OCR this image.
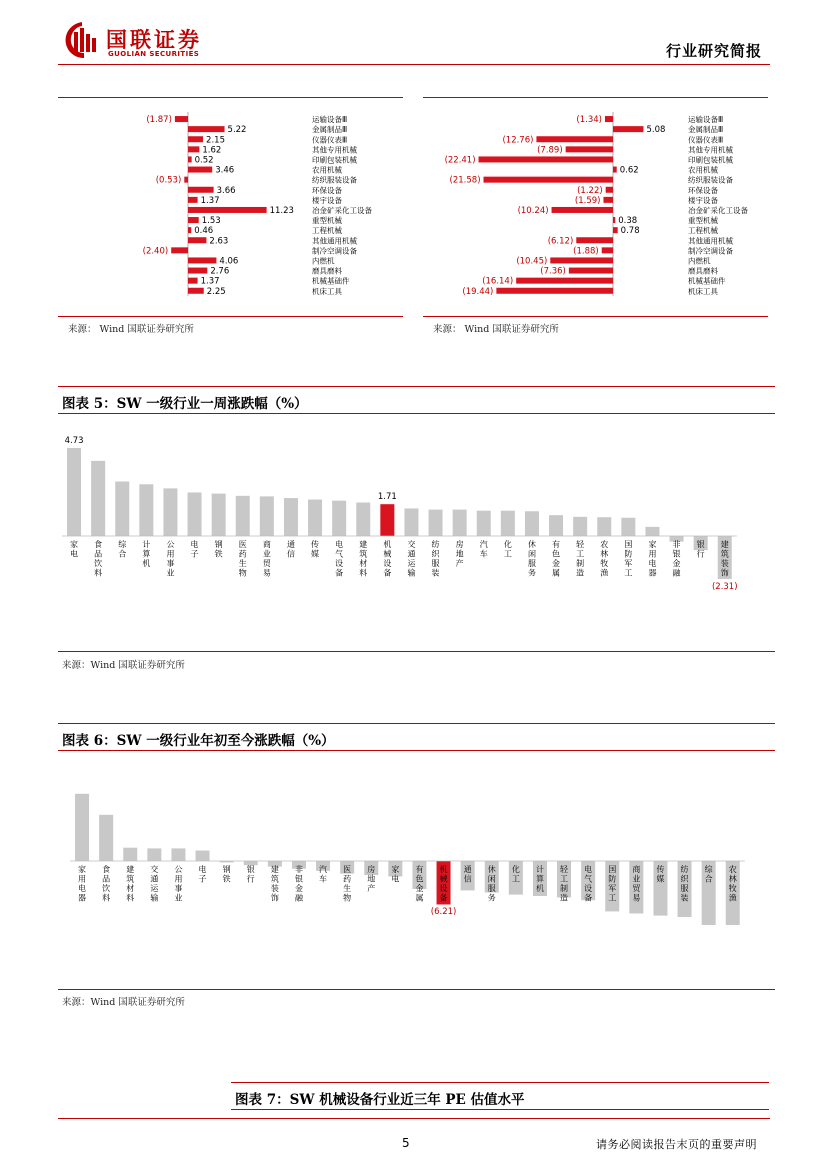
国联证券
GUOLIAN SECURITIES	行业研究简报
(1.87)	运输设备Ⅲ
5.22	金属制品Ⅲ
2.15	仪器仪表Ⅲ
1.62	其他专用机械
0.52	印刷包装机械
3.46	农用机械
(0.53)	纺织服装设备
3.66	环保设备
1.37	楼宇设备
11.23 冶金矿采化工设备
1.53	重型机械
0.46	工程机械
2.63	其他通用机械
(2.40)	制冷空调设备
4.06	内燃机
2.76	磨具磨料
1.37	机械基础件
2.25	机床工具
(1.34)	运输设备Ⅲ
5.08	金属制品Ⅲ
(12.76)	仪器仪表Ⅲ
(7.89)	其他专用机械
(22.41)	印刷包装机械
0.62	农用机械
(21.58)	纺织服装设备
(1.22)	环保设备
(1.59)	楼宇设备
(10.24)	冶金矿采化工设备
0.38	重型机械
0.78	工程机械
(6.12)	其他通用机械
(1.88)	制冷空调设备
(10.45)	内燃机
(7.36)	磨具磨料
(16.14)	机械基础件
(19.44)	机床工具
来源： Wind 国联证券研究所	来源： Wind 国联证券研究所
图表 5：SW 一级行业一周涨跌幅（%）
家电
4.73
食品饮料
综合
计算机
公用事业
电子
钢铁
医药生物
商业贸易
通信
传媒
电气设备
建筑材料
机械设备
1.71
交通运输
纺织服装
房地产
汽车
化工
休闲服务
有色金属
轻工制造
农林牧渔
国防军工
家用电器
非银金融
银行
建筑装饰
(2.31)
来源：Wind 国联证券研究所
图表 6：SW 一级行业年初至今涨跌幅（%）
家用电器
食品饮料
建筑材料
交通运输
公用事业
电子
钢铁
银行
建筑装饰
非银金融
汽车
医药生物
房地产
家电
有色金属
机械设备
(6.21)
通信
休闲服务
化工
计算机
轻工制造
电气设备
国防军工
商业贸易
传媒
纺织服装
综合
农林牧渔
来源：Wind 国联证券研究所
图表 7：SW 机械设备行业近三年 PE 估值水平
5	请务必阅读报告末页的重要声明
